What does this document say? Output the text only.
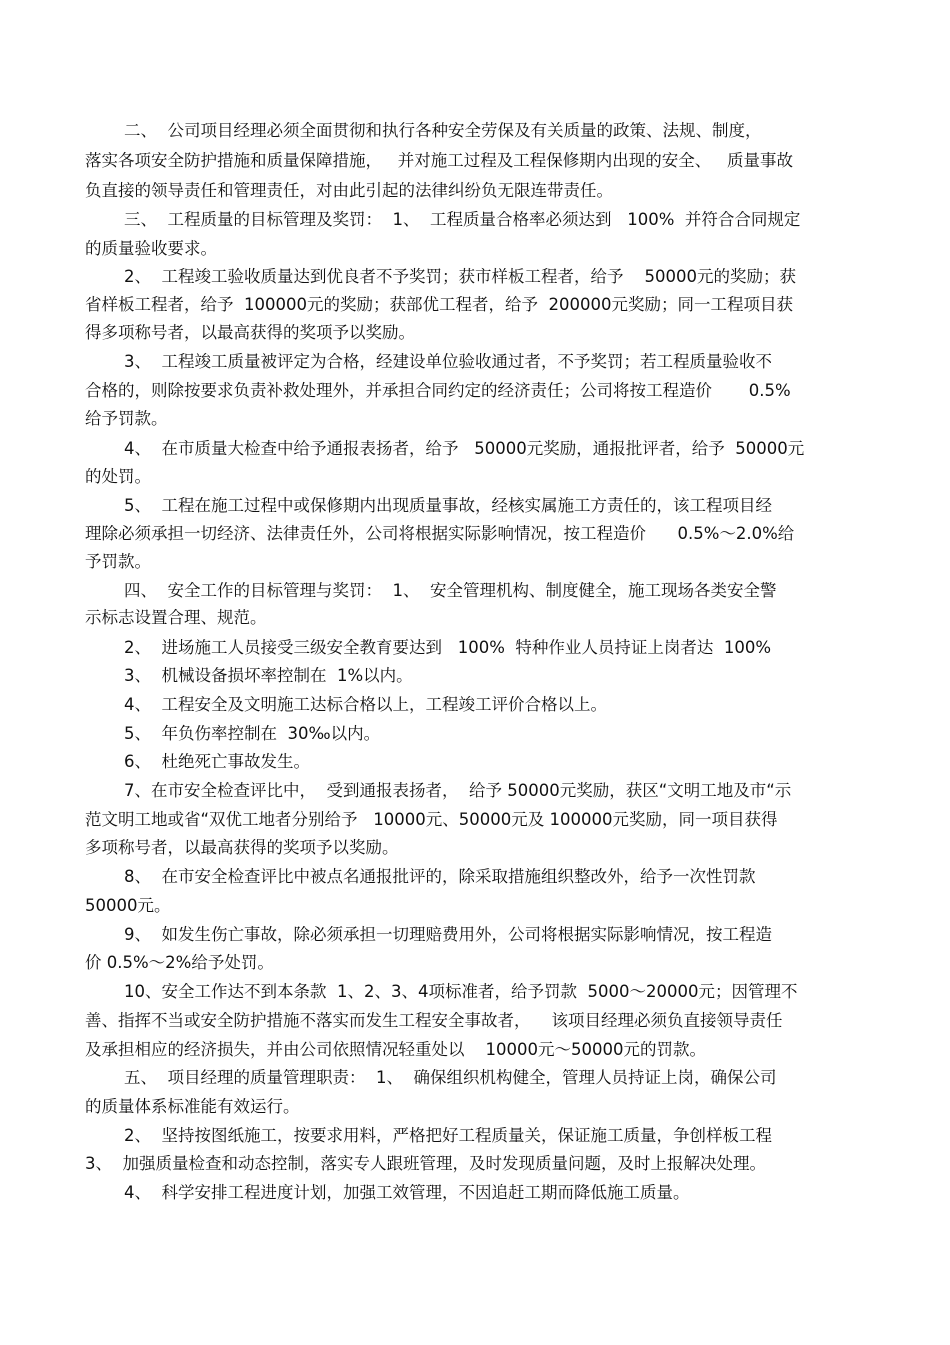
二、  公司项目经理必须全面贯彻和执行各种安全劳保及有关质量的政策、法规、制度，
落实各项安全防护措施和质量保障措施，   并对施工过程及工程保修期内出现的安全、   质量事故
负直接的领导责任和管理责任，对由此引起的法律纠纷负无限连带责任。
三、  工程质量的目标管理及奖罚：  1、  工程质量合格率必须达到   100%  并符合合同规定
的质量验收要求。
2、  工程竣工验收质量达到优良者不予奖罚；获市样板工程者，给予    50000元的奖励；获
省样板工程者，给予  100000元的奖励；获部优工程者，给予  200000元奖励；同一工程项目获
得多项称号者，以最高获得的奖项予以奖励。
3、  工程竣工质量被评定为合格，经建设单位验收通过者，不予奖罚；若工程质量验收不
合格的，则除按要求负责补救处理外，并承担合同约定的经济责任；公司将按工程造价       0.5%
给予罚款。
4、  在市质量大检查中给予通报表扬者，给予   50000元奖励，通报批评者，给予  50000元
的处罚。
5、  工程在施工过程中或保修期内出现质量事故，经核实属施工方责任的，该工程项目经
理除必须承担一切经济、法律责任外，公司将根据实际影响情况，按工程造价      0.5%～2.0%给
予罚款。
四、  安全工作的目标管理与奖罚：  1、  安全管理机构、制度健全，施工现场各类安全警
示标志设置合理、规范。
2、  进场施工人员接受三级安全教育要达到   100%  特种作业人员持证上岗者达  100%
3、  机械设备损坏率控制在  1%以内。
4、  工程安全及文明施工达标合格以上，工程竣工评价合格以上。
5、  年负伤率控制在  30‰以内。
6、  杜绝死亡事故发生。
7、在市安全检查评比中，  受到通报表扬者，  给予 50000元奖励，获区“文明工地及市“示
范文明工地或省“双优工地者分别给予   10000元、50000元及 100000元奖励，同一项目获得
多项称号者，以最高获得的奖项予以奖励。
8、  在市安全检查评比中被点名通报批评的，除采取措施组织整改外，给予一次性罚款
50000元。
9、  如发生伤亡事故，除必须承担一切理赔费用外，公司将根据实际影响情况，按工程造
价 0.5%～2%给予处罚。
10、安全工作达不到本条款  1、2、3、4项标准者，给予罚款  5000～20000元；因管理不
善、指挥不当或安全防护措施不落实而发生工程安全事故者，    该项目经理必须负直接领导责任
及承担相应的经济损失，并由公司依照情况轻重处以    10000元～50000元的罚款。
五、  项目经理的质量管理职责：  1、  确保组织机构健全，管理人员持证上岗，确保公司
的质量体系标准能有效运行。
2、  坚持按图纸施工，按要求用料，严格把好工程质量关，保证施工质量，争创样板工程
3、  加强质量检查和动态控制，落实专人跟班管理，及时发现质量问题，及时上报解决处理。
4、  科学安排工程进度计划，加强工效管理，不因追赶工期而降低施工质量。
